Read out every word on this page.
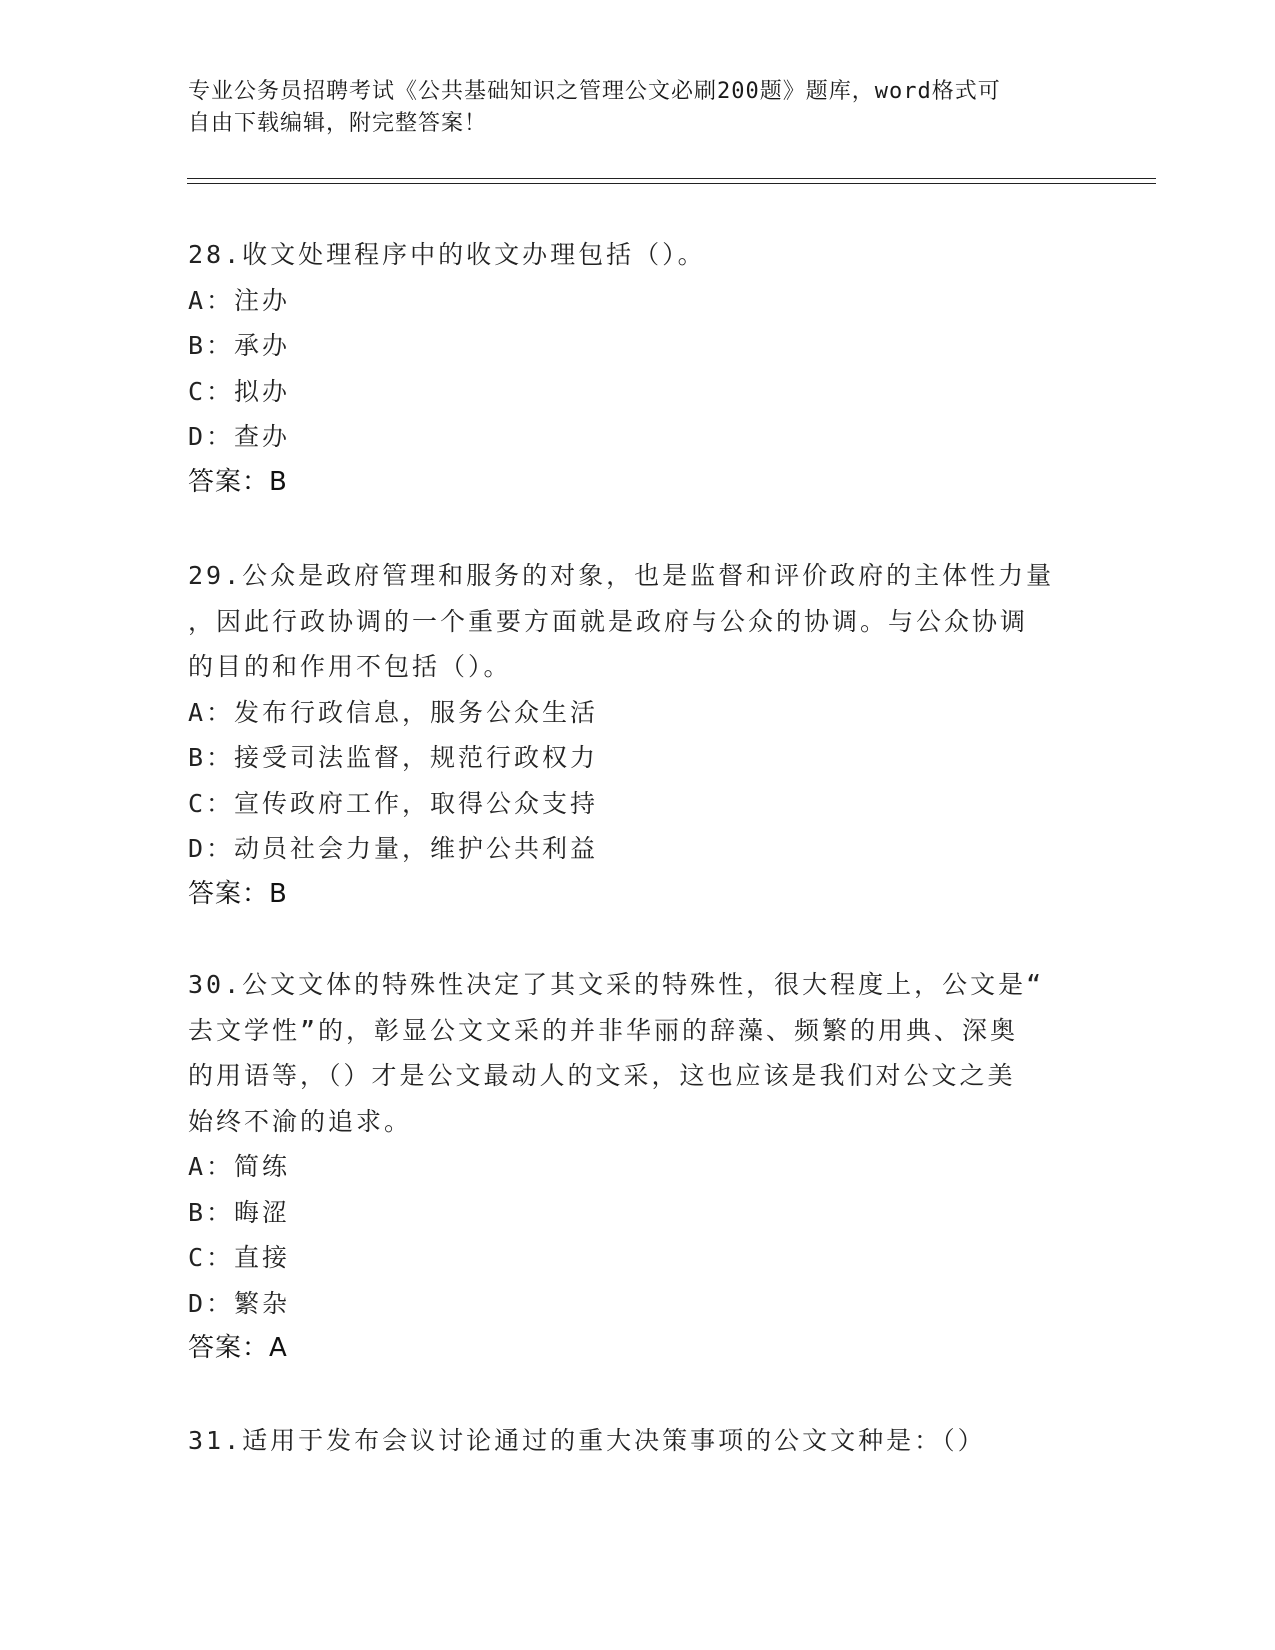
专业公务员招聘考试《公共基础知识之管理公文必刷200题》题库，word格式可
自由下载编辑，附完整答案！

28.收文处理程序中的收文办理包括（）。

A：注办

B：承办

C：拟办

D：查办

答案：B

29.公众是政府管理和服务的对象，也是监督和评价政府的主体性力量

，因此行政协调的一个重要方面就是政府与公众的协调。与公众协调

的目的和作用不包括（）。

A：发布行政信息，服务公众生活

B：接受司法监督，规范行政权力

C：宣传政府工作，取得公众支持

D：动员社会力量，维护公共利益

答案：B

30.公文文体的特殊性决定了其文采的特殊性，很大程度上，公文是“

去文学性”的，彰显公文文采的并非华丽的辞藻、频繁的用典、深奥

的用语等，（）才是公文最动人的文采，这也应该是我们对公文之美

始终不渝的追求。

A：简练

B：晦涩

C：直接

D：繁杂

答案：A

31.适用于发布会议讨论通过的重大决策事项的公文文种是：（）
